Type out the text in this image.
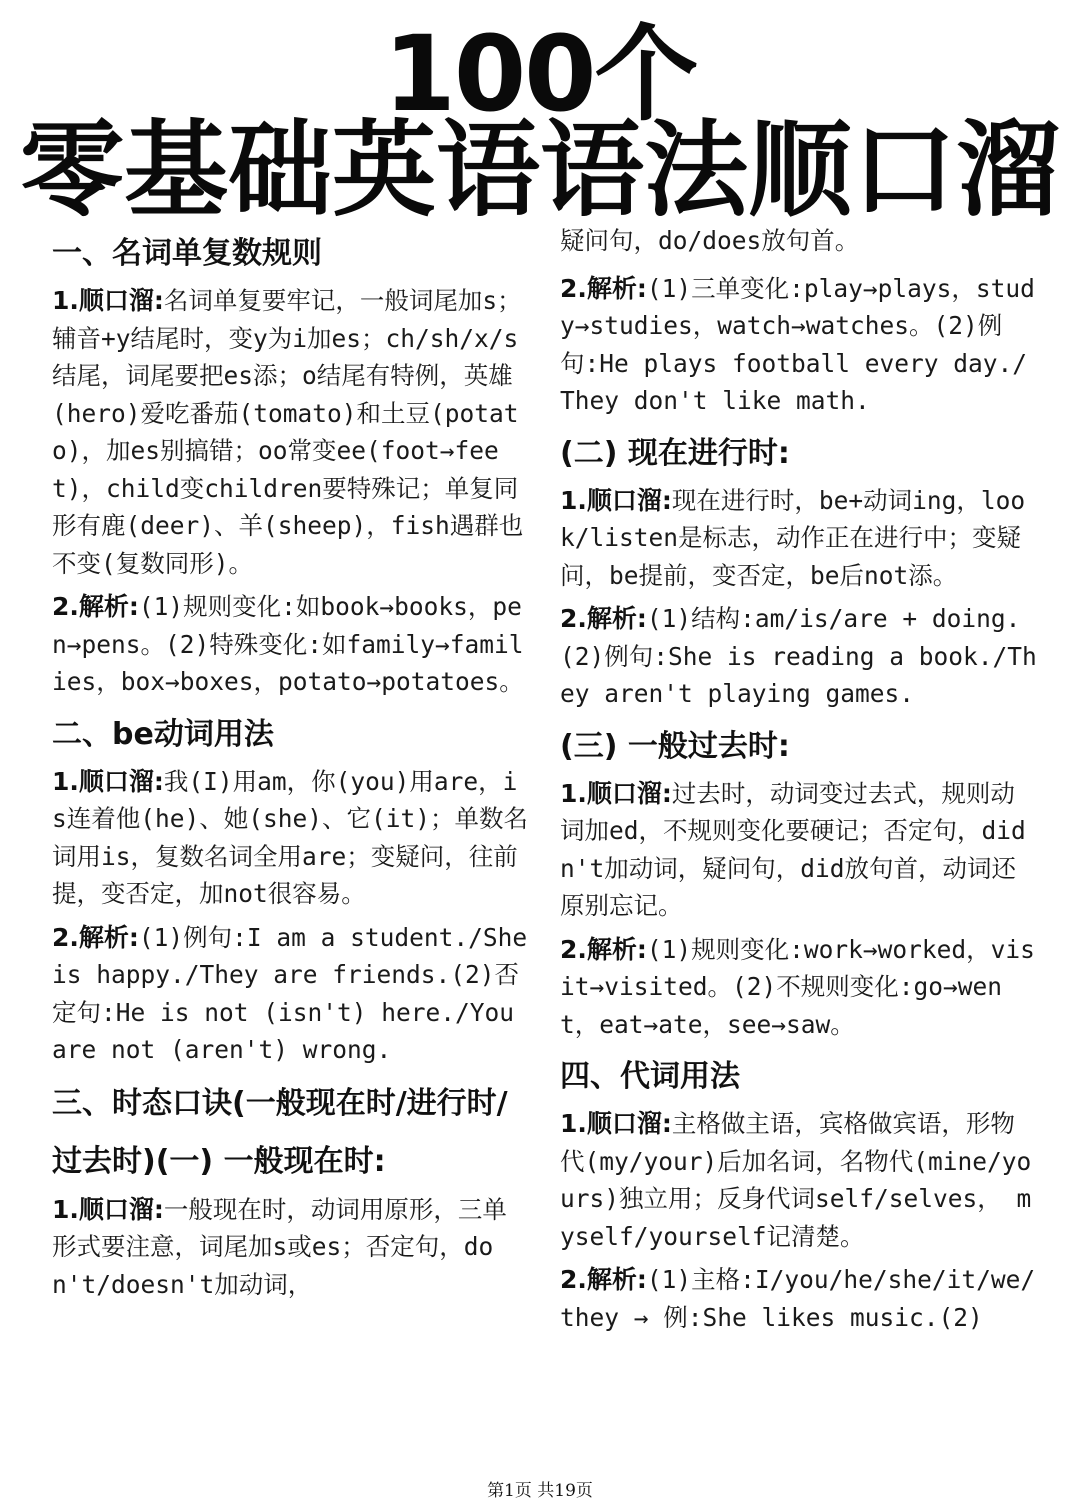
100个
零基础英语语法顺口溜
一、名词单复数规则

1.顺口溜:名词单复要牢记，一般词尾加s；辅音+y结尾时，变y为i加es；ch/sh/x/s结尾，词尾要把es添；o结尾有特例，英雄(hero)爱吃番茄(tomato)和土豆(potato)，加es别搞错；oo常变ee(foot→feet)，child变children要特殊记；单复同形有鹿(deer)、羊(sheep)，fish遇群也不变(复数同形)。

2.解析:(1)规则变化:如book→books，pen→pens。(2)特殊变化:如family→families，box→boxes，potato→potatoes。

二、be动词用法

1.顺口溜:我(I)用am，你(you)用are，is连着他(he)、她(she)、它(it)；单数名词用is，复数名词全用are；变疑问，往前提，变否定，加not很容易。

2.解析:(1)例句:I am a student./She is happy./They are friends.(2)否定句:He is not (isn't) here./You are not (aren't) wrong.

三、时态口诀(一般现在时/进行时/过去时)(一) 一般现在时:

1.顺口溜:一般现在时，动词用原形，三单形式要注意，词尾加s或es；否定句，don't/doesn't加动词，

疑问句，do/does放句首。

2.解析:(1)三单变化:play→plays，study→studies，watch→watches。(2)例句:He plays football every day./They don't like math.

(二) 现在进行时:

1.顺口溜:现在进行时，be+动词ing，look/listen是标志，动作正在进行中；变疑问，be提前，变否定，be后not添。

2.解析:(1)结构:am/is/are + doing.(2)例句:She is reading a book./They aren't playing games.

(三) 一般过去时:

1.顺口溜:过去时，动词变过去式，规则动词加ed，不规则变化要硬记；否定句，didn't加动词，疑问句，did放句首，动词还原别忘记。

2.解析:(1)规则变化:work→worked，visit→visited。(2)不规则变化:go→went，eat→ate，see→saw。

四、代词用法

1.顺口溜:主格做主语，宾格做宾语，形物代(my/your)后加名词，名物代(mine/yours)独立用；反身代词self/selves， myself/yourself记清楚。

2.解析:(1)主格:I/you/he/she/it/we/they → 例:She likes music.(2)

第1页 共19页
